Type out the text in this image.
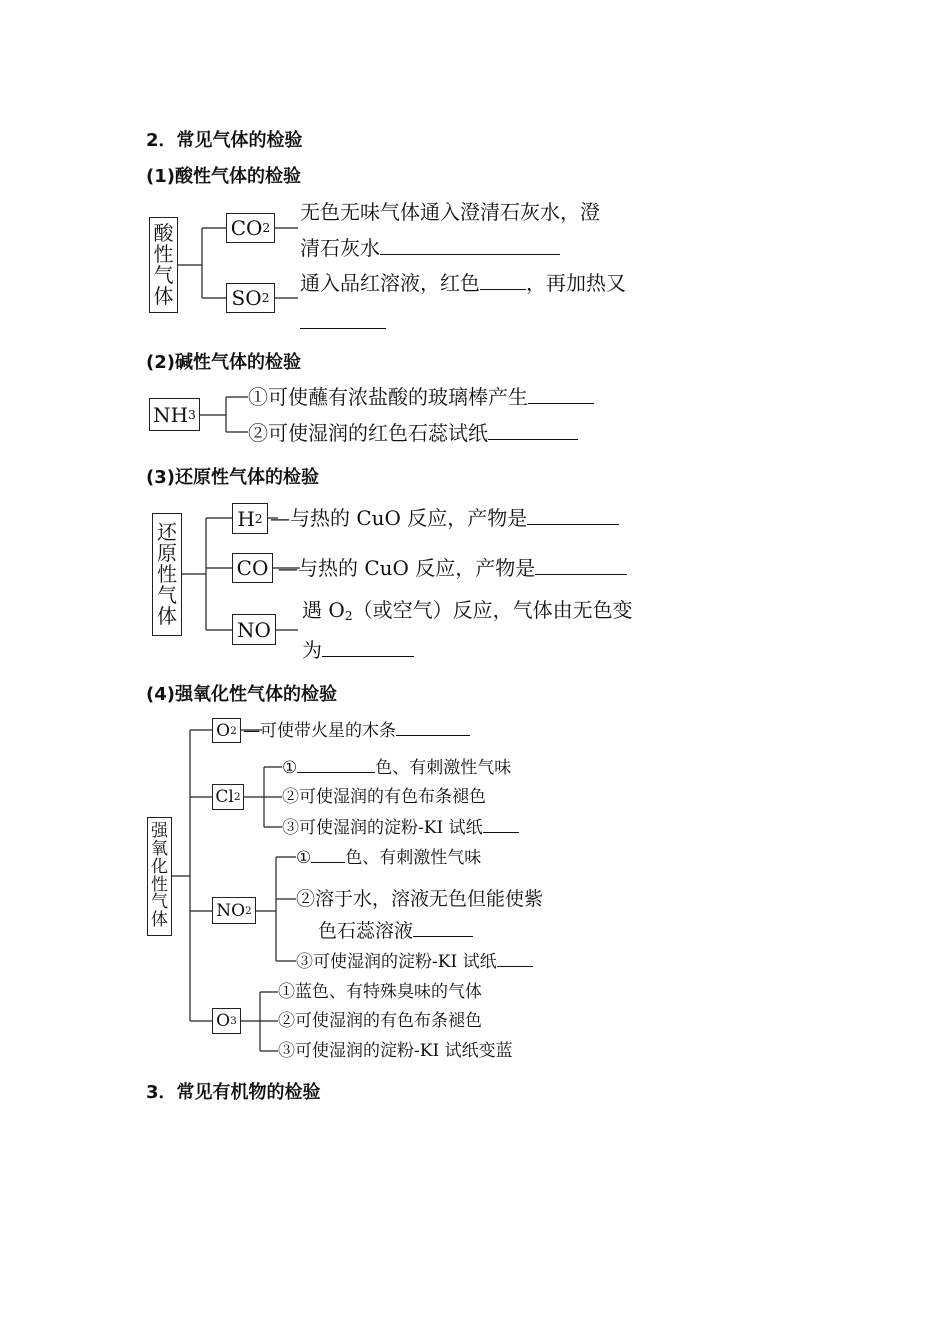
2．常见气体的检验
(1)酸性气体的检验
酸
性
气
体
CO 2
无色无味气体通入澄清石灰水，澄
清石灰水
SO 2
通入品红溶液，红色 ，再加热又
(2)碱性气体的检验
NH 3
①可使蘸有浓盐酸的玻璃棒产生
②可使湿润的红色石蕊试纸
(3)还原性气体的检验
还
原
性
气
体
H 2 —与热的 CuO 反应，产物是
CO —与热的 CuO 反应，产物是
NO
遇 $O_2$（或空气）反应，气体由无色变
为
(4)强氧化性气体的检验
强
氧
化
性
气
体
O 2 —可使带火星的木条
Cl 2
①	色、有刺激性气味
②可使湿润的有色布条褪色
③可使湿润的淀粉-KI 试纸
NO 2
① 色、有刺激性气味
②溶于水，溶液无色但能使紫
色石蕊溶液
③可使湿润的淀粉-KI 试纸
O 3
①蓝色、有特殊臭味的气体
②可使湿润的有色布条褪色
③可使湿润的淀粉-KI 试纸变蓝
3．常见有机物的检验
